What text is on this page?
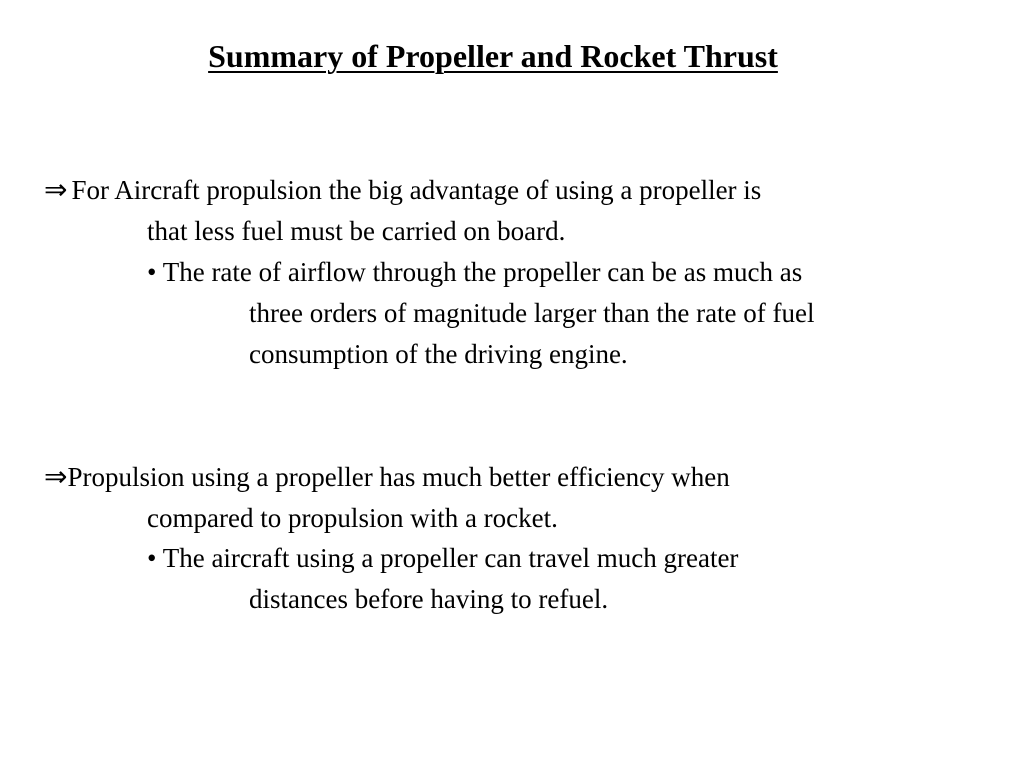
Summary of Propeller and Rocket Thrust
⇒ For Aircraft propulsion the big advantage of using a propeller is
that less fuel must be carried on board.
• The rate of airflow through the propeller can be as much as
three orders of magnitude larger than the rate of fuel
consumption of the driving engine.
⇒Propulsion using a propeller has much better efficiency when
compared to propulsion with a rocket.
• The aircraft using a propeller can travel much greater
distances before having to refuel.
